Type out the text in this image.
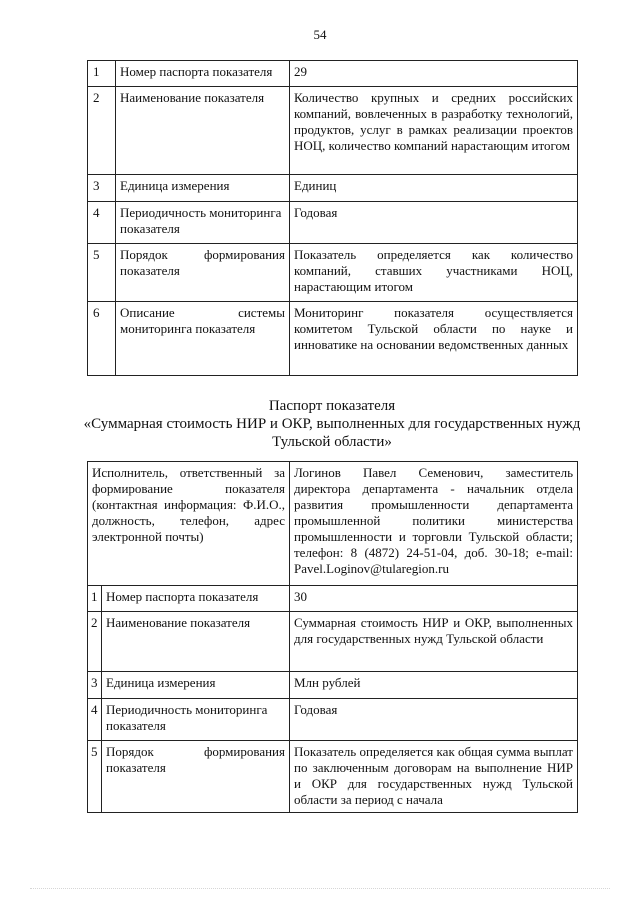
54
1	Номер паспорта показателя	29
2	Наименование показателя	Количество крупных и средних российских компаний, вовлеченных в разработку технологий, продуктов, услуг в рамках реализации проектов НОЦ, количество компаний нарастающим итогом
3	Единица измерения	Единиц
4	Периодичность мониторинга показателя	Годовая
5	Порядок формирования показателя	Показатель определяется как количество компаний, ставших участниками НОЦ, нарастающим итогом
6	Описание системы мониторинга показателя	Мониторинг показателя осуществляется комитетом Тульской области по науке и инноватике на основании ведомственных данных
Паспорт показателя
«Суммарная стоимость НИР и ОКР, выполненных для государственных нужд Тульской области»
Исполнитель, ответственный за формирование показателя (контактная информация: Ф.И.О., должность, телефон, адрес электронной почты)		Логинов Павел Семенович, заместитель директора департамента - начальник отдела развития промышленности департамента промышленной политики министерства промышленности и торговли Тульской области; телефон: 8 (4872) 24-51-04, доб. 30-18; e-mail: Pavel.Loginov@tularegion.ru
1	Номер паспорта показателя	30
2	Наименование показателя	Суммарная стоимость НИР и ОКР, выполненных для государственных нужд Тульской области
3	Единица измерения	Млн рублей
4	Периодичность мониторинга показателя	Годовая
5	Порядок формирования показателя	Показатель определяется как общая сумма выплат по заключенным договорам на выполнение НИР и ОКР для государственных нужд Тульской области за период с начала
